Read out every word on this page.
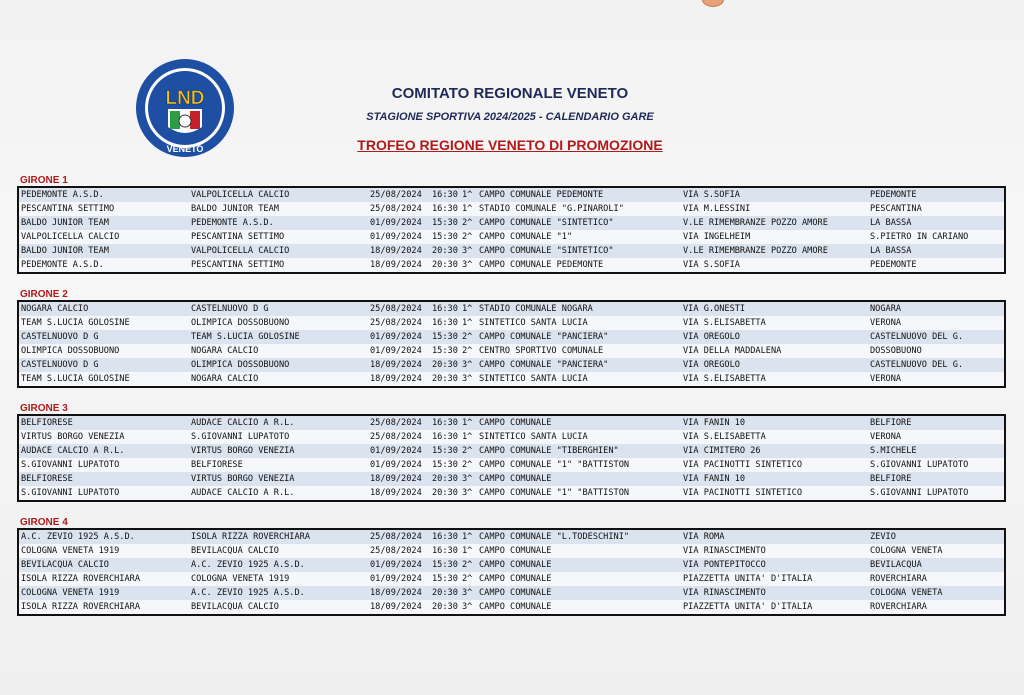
LND
VENETO
COMITATO REGIONALE VENETO
STAGIONE SPORTIVA 2024/2025 - CALENDARIO GARE
TROFEO REGIONE VENETO DI PROMOZIONE
GIRONE 1
PEDEMONTE A.S.D.	VALPOLICELLA CALCIO	25/08/2024 16:30 1^ CAMPO COMUNALE PEDEMONTE	VIA S.SOFIA	PEDEMONTE
PESCANTINA SETTIMO	BALDO JUNIOR TEAM	25/08/2024 16:30 1^ STADIO COMUNALE "G.PINAROLI"	VIA M.LESSINI	PESCANTINA
BALDO JUNIOR TEAM	PEDEMONTE A.S.D.	01/09/2024 15:30 2^ CAMPO COMUNALE "SINTETICO"	V.LE RIMEMBRANZE POZZO AMORE	LA BASSA
VALPOLICELLA CALCIO	PESCANTINA SETTIMO	01/09/2024 15:30 2^ CAMPO COMUNALE "1"	VIA INGELHEIM	S.PIETRO IN CARIANO
BALDO JUNIOR TEAM	VALPOLICELLA CALCIO	18/09/2024 20:30 3^ CAMPO COMUNALE "SINTETICO"	V.LE RIMEMBRANZE POZZO AMORE	LA BASSA
PEDEMONTE A.S.D.	PESCANTINA SETTIMO	18/09/2024 20:30 3^ CAMPO COMUNALE PEDEMONTE	VIA S.SOFIA	PEDEMONTE
GIRONE 2
NOGARA CALCIO	CASTELNUOVO D G	25/08/2024 16:30 1^ STADIO COMUNALE NOGARA	VIA G.ONESTI	NOGARA
TEAM S.LUCIA GOLOSINE	OLIMPICA DOSSOBUONO	25/08/2024 16:30 1^ SINTETICO SANTA LUCIA	VIA S.ELISABETTA	VERONA
CASTELNUOVO D G	TEAM S.LUCIA GOLOSINE	01/09/2024 15:30 2^ CAMPO COMUNALE "PANCIERA"	VIA OREGOLO	CASTELNUOVO DEL G.
OLIMPICA DOSSOBUONO	NOGARA CALCIO	01/09/2024 15:30 2^ CENTRO SPORTIVO COMUNALE	VIA DELLA MADDALENA	DOSSOBUONO
CASTELNUOVO D G	OLIMPICA DOSSOBUONO	18/09/2024 20:30 3^ CAMPO COMUNALE "PANCIERA"	VIA OREGOLO	CASTELNUOVO DEL G.
TEAM S.LUCIA GOLOSINE	NOGARA CALCIO	18/09/2024 20:30 3^ SINTETICO SANTA LUCIA	VIA S.ELISABETTA	VERONA
GIRONE 3
BELFIORESE	AUDACE CALCIO A R.L.	25/08/2024 16:30 1^ CAMPO COMUNALE	VIA FANIN 10	BELFIORE
VIRTUS BORGO VENEZIA	S.GIOVANNI LUPATOTO	25/08/2024 16:30 1^ SINTETICO SANTA LUCIA	VIA S.ELISABETTA	VERONA
AUDACE CALCIO A R.L.	VIRTUS BORGO VENEZIA	01/09/2024 15:30 2^ CAMPO COMUNALE "TIBERGHIEN"	VIA CIMITERO 26	S.MICHELE
S.GIOVANNI LUPATOTO	BELFIORESE	01/09/2024 15:30 2^ CAMPO COMUNALE "1" "BATTISTON	VIA PACINOTTI SINTETICO	S.GIOVANNI LUPATOTO
BELFIORESE	VIRTUS BORGO VENEZIA	18/09/2024 20:30 3^ CAMPO COMUNALE	VIA FANIN 10	BELFIORE
S.GIOVANNI LUPATOTO	AUDACE CALCIO A R.L.	18/09/2024 20:30 3^ CAMPO COMUNALE "1" "BATTISTON	VIA PACINOTTI SINTETICO	S.GIOVANNI LUPATOTO
GIRONE 4
A.C. ZEVIO 1925 A.S.D.	ISOLA RIZZA ROVERCHIARA	25/08/2024 16:30 1^ CAMPO COMUNALE "L.TODESCHINI"	VIA ROMA	ZEVIO
COLOGNA VENETA 1919	BEVILACQUA CALCIO	25/08/2024 16:30 1^ CAMPO COMUNALE	VIA RINASCIMENTO	COLOGNA VENETA
BEVILACQUA CALCIO	A.C. ZEVIO 1925 A.S.D.	01/09/2024 15:30 2^ CAMPO COMUNALE	VIA PONTEPITOCCO	BEVILACQUA
ISOLA RIZZA ROVERCHIARA	COLOGNA VENETA 1919	01/09/2024 15:30 2^ CAMPO COMUNALE	PIAZZETTA UNITA' D'ITALIA	ROVERCHIARA
COLOGNA VENETA 1919	A.C. ZEVIO 1925 A.S.D.	18/09/2024 20:30 3^ CAMPO COMUNALE	VIA RINASCIMENTO	COLOGNA VENETA
ISOLA RIZZA ROVERCHIARA	BEVILACQUA CALCIO	18/09/2024 20:30 3^ CAMPO COMUNALE	PIAZZETTA UNITA' D'ITALIA	ROVERCHIARA
